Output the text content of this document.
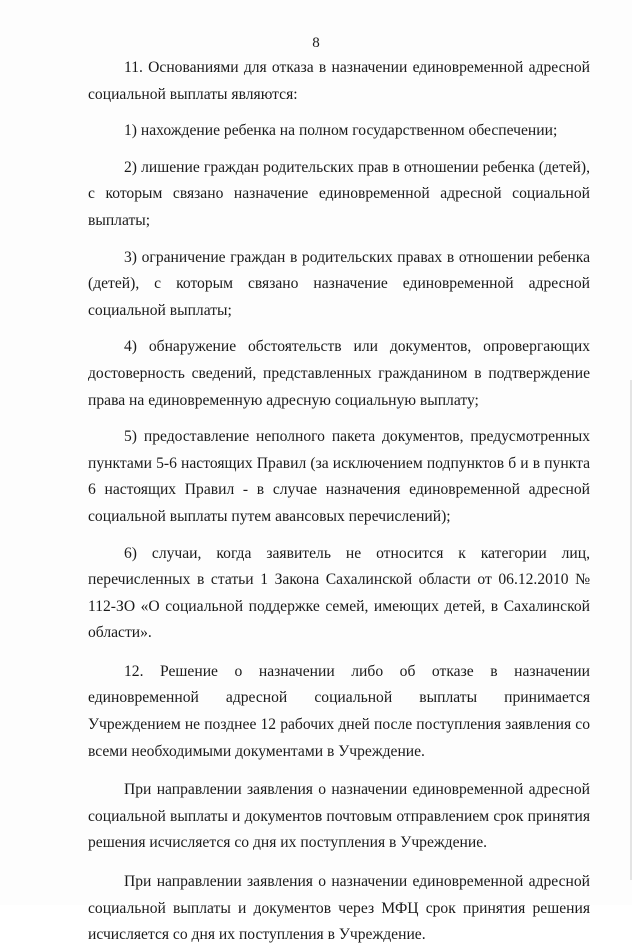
8

11. Основаниями для отказа в назначении единовременной адресной социальной выплаты являются:

1) нахождение ребенка на полном государственном обеспечении;

2) лишение граждан родительских прав в отношении ребенка (детей), с которым связано назначение единовременной адресной социальной выплаты;

3) ограничение граждан в родительских правах в отношении ребенка (детей), с которым связано назначение единовременной адресной социальной выплаты;

4) обнаружение обстоятельств или документов, опровергающих достоверность сведений, представленных гражданином в подтверждение права на единовременную адресную социальную выплату;

5) предоставление неполного пакета документов, предусмотренных пунктами 5-6 настоящих Правил (за исключением подпунктов б и в пункта 6 настоящих Правил - в случае назначения единовременной адресной социальной выплаты путем авансовых перечислений);

6) случаи, когда заявитель не относится к категории лиц, перечисленных в статьи 1 Закона Сахалинской области от 06.12.2010 № 112-ЗО «О социальной поддержке семей, имеющих детей, в Сахалинской области».

12. Решение о назначении либо об отказе в назначении единовременной адресной социальной выплаты принимается Учреждением не позднее 12 рабочих дней после поступления заявления со всеми необходимыми документами в Учреждение.

При направлении заявления о назначении единовременной адресной социальной выплаты и документов почтовым отправлением срок принятия решения исчисляется со дня их поступления в Учреждение.

При направлении заявления о назначении единовременной адресной социальной выплаты и документов через МФЦ срок принятия решения исчисляется со дня их поступления в Учреждение.
